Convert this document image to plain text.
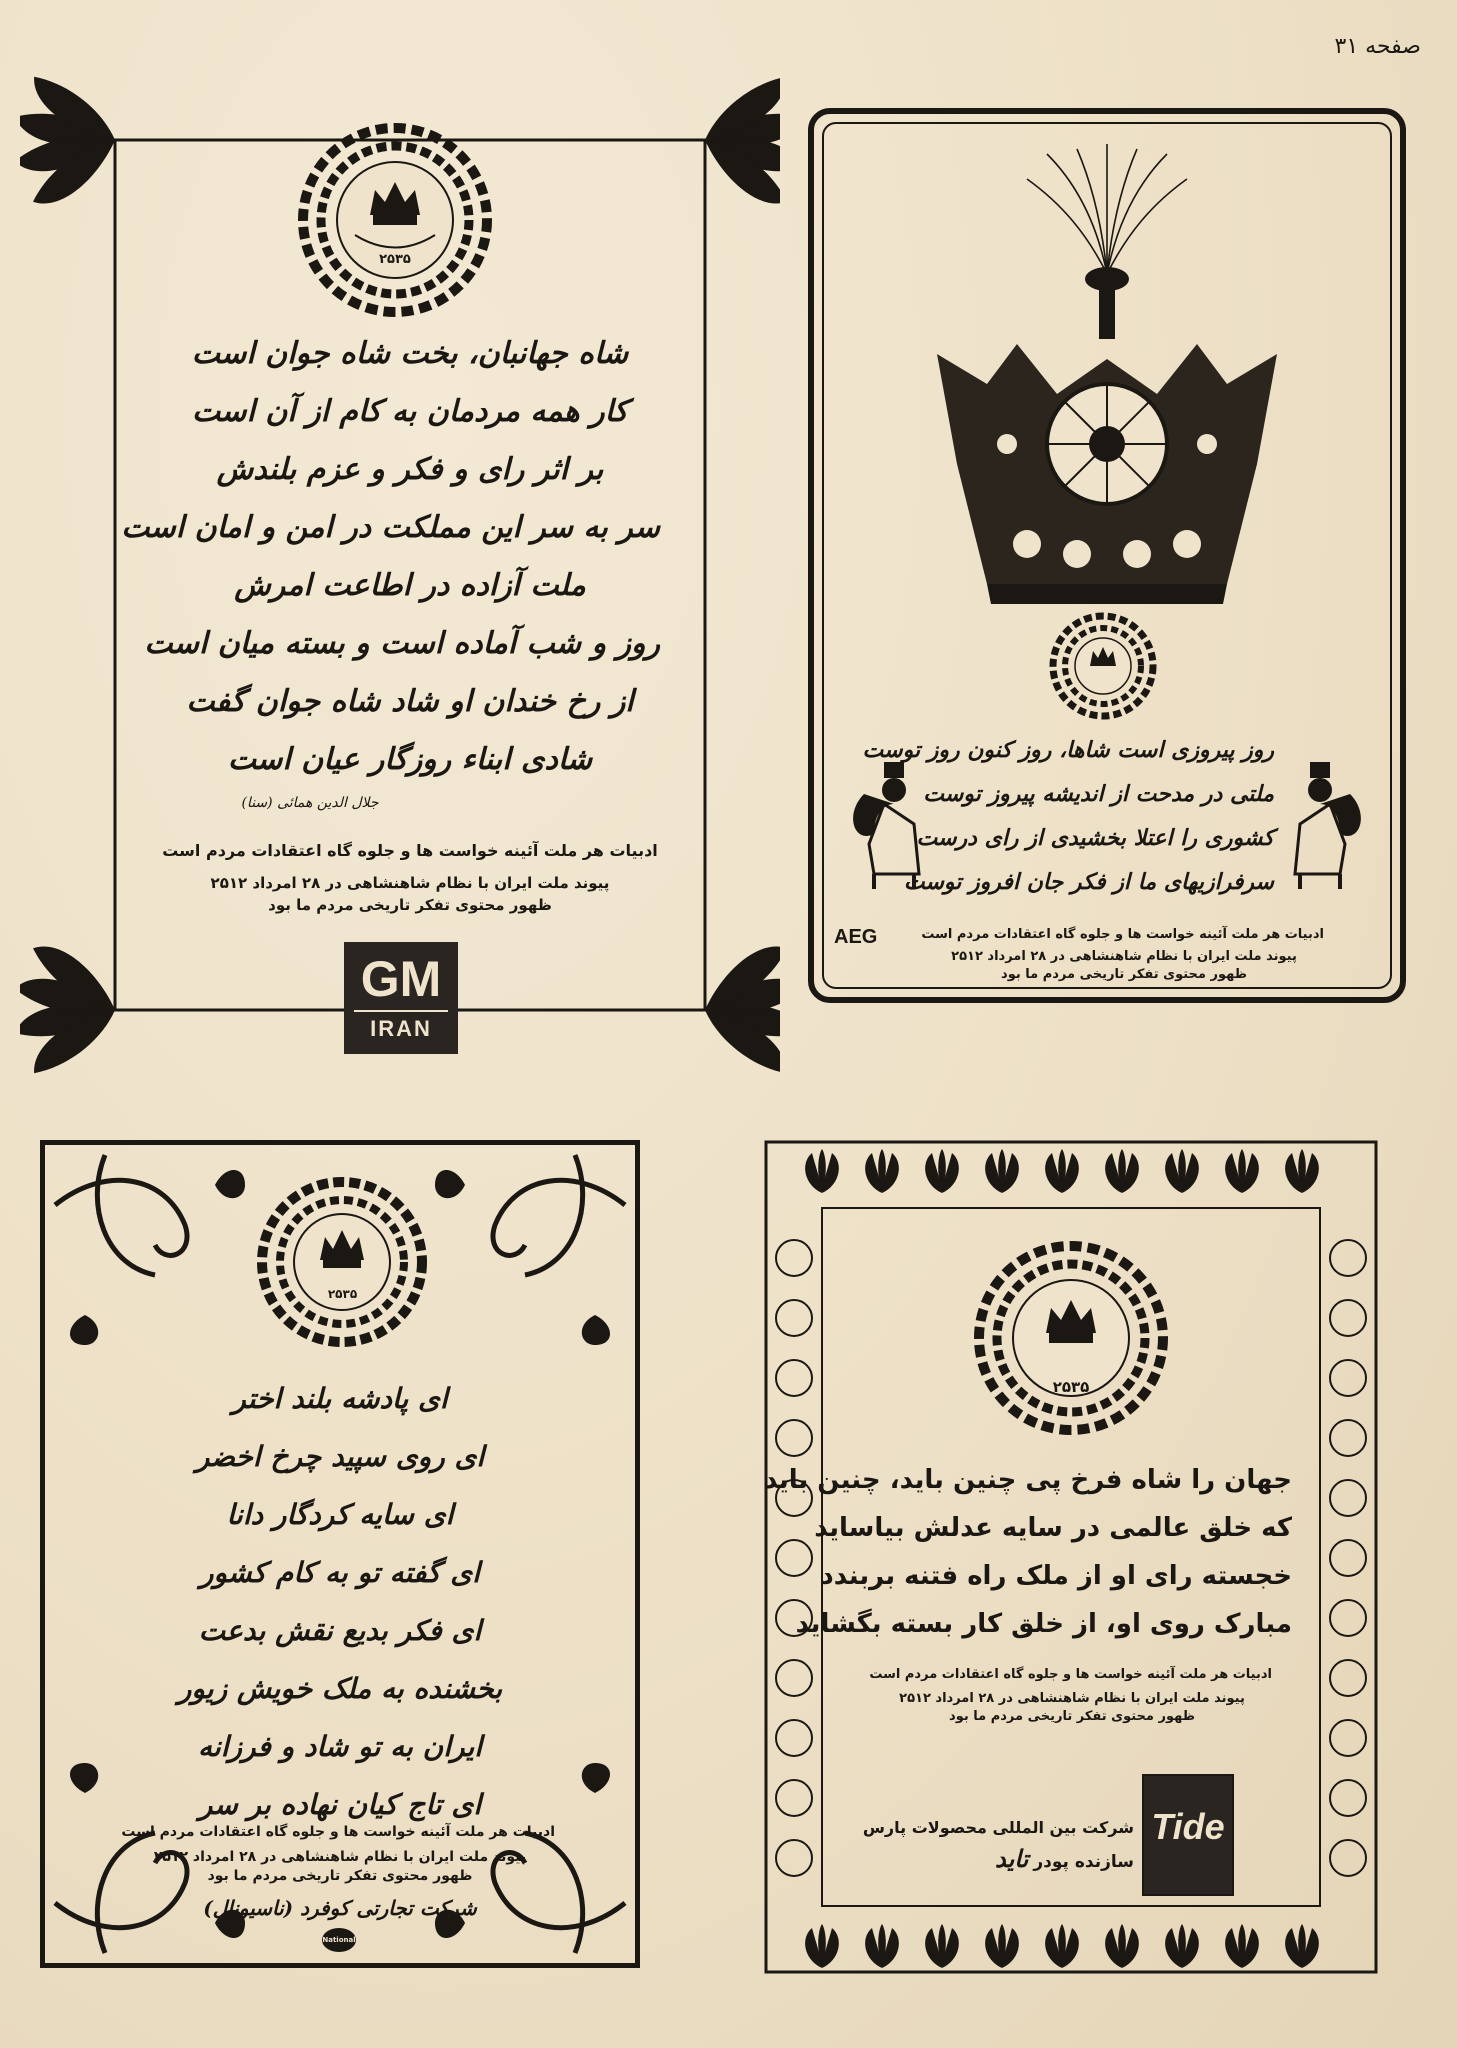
صفحه ۳۱
۲۵۳۵
شاه جهانبان، بخت شاه جوان است
کار همه مردمان به کام از آن است
بر اثر رای و فکر و عزم بلندش
سر به سر این مملکت در امن و امان است
ملت آزاده در اطاعت امرش
روز و شب آماده است و بسته میان است
از رخ خندان او شاد شاه جوان گفت
شادی ابناء روزگار عیان است
جلال الدین همائی (سنا)
ادبیات هر ملت آئینه خواست ها و جلوه گاه اعتقادات مردم است
پیوند ملت ایران با نظام شاهنشاهی در ۲۸ امرداد ۲۵۱۲
ظهور محتوی تفکر تاریخی مردم ما بود
GM
IRAN
روز پیروزی است شاها، روز کنون روز توست
ملتی در مدحت از اندیشه پیروز توست
کشوری را اعتلا بخشیدی از رای درست
سرفرازیهای ما از فکر جان افروز توست
AEG	ادبیات هر ملت آئینه خواست ها و جلوه گاه اعتقادات مردم است
پیوند ملت ایران با نظام شاهنشاهی در ۲۸ امرداد ۲۵۱۲
ظهور محتوی تفکر تاریخی مردم ما بود
۲۵۳۵
ای پادشه بلند اختر
ای روی سپید چرخ اخضر
ای سایه کردگار دانا
ای گفته تو به کام کشور
ای فکر بدیع نقش بدعت
بخشنده به ملک خویش زیور
ایران به تو شاد و فرزانه
ای تاج کیان نهاده بر سر
ادبیات هر ملت آئینه خواست ها و جلوه گاه اعتقادات مردم است
پیوند ملت ایران با نظام شاهنشاهی در ۲۸ امرداد ۲۵۱۲
ظهور محتوی تفکر تاریخی مردم ما بود
شرکت تجارتی کوفرد (ناسیونال)
National
۲۵۳۵
جهان را شاه فرخ پی چنین باید، چنین باید
که خلق عالمی در سایه عدلش بیاساید
خجسته رای او از ملک راه فتنه بربندد
مبارک روی او، از خلق کار بسته بگشاید
ادبیات هر ملت آئینه خواست ها و جلوه گاه اعتقادات مردم است
پیوند ملت ایران با نظام شاهنشاهی در ۲۸ امرداد ۲۵۱۲
ظهور محتوی تفکر تاریخی مردم ما بود
Tide
شرکت بین المللی محصولات پارس
سازنده پودر تاید
